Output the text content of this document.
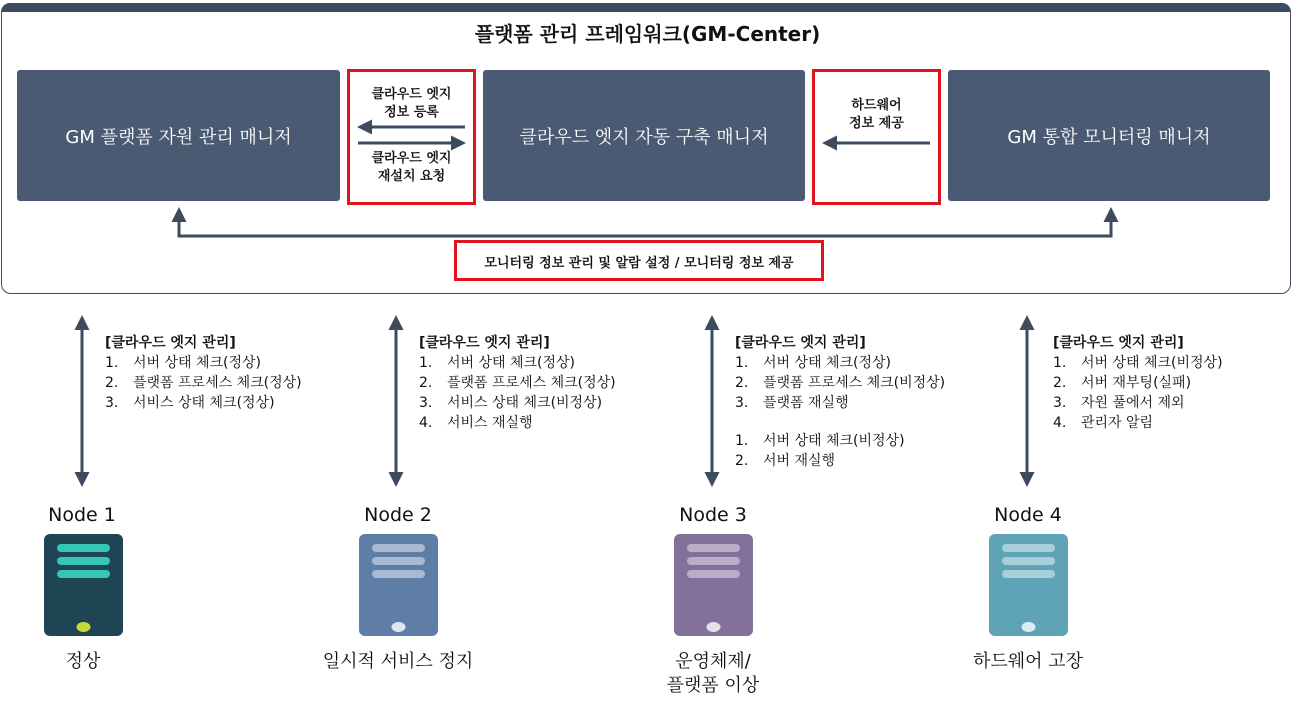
플랫폼 관리 프레임워크(GM-Center)
GM 플랫폼 자원 관리 매니저	클라우드 엣지 자동 구축 매니저	GM 통합 모니터링 매니저
클라우드 엣지
정보 등록
클라우드 엣지
재설치 요청
하드웨어
정보 제공
모니터링 정보 관리 및 알람 설정 / 모니터링 정보 제공
[클라우드 엣지 관리]
1. 서버 상태 체크(정상)
2. 플랫폼 프로세스 체크(정상)
3. 서비스 상태 체크(정상)
[클라우드 엣지 관리]
1. 서버 상태 체크(정상)
2. 플랫폼 프로세스 체크(정상)
3. 서비스 상태 체크(비정상)
4. 서비스 재실행
[클라우드 엣지 관리]
1. 서버 상태 체크(정상)
2. 플랫폼 프로세스 체크(비정상)
3. 플랫폼 재실행
1. 서버 상태 체크(비정상)
2. 서버 재실행
[클라우드 엣지 관리]
1. 서버 상태 체크(비정상)
2. 서버 재부팅(실패)
3. 자원 풀에서 제외
4. 관리자 알림
Node 1	Node 2	Node 3	Node 4
정상	일시적 서비스 정지	운영체제/
플랫폼 이상
하드웨어 고장
